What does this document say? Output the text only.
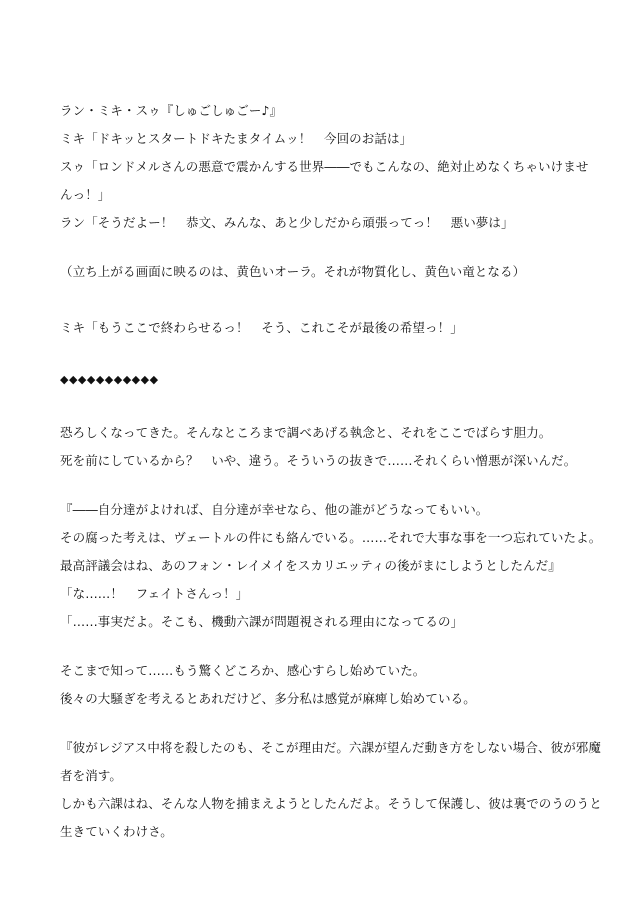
ラン・ミキ・スゥ『しゅごしゅごー♪』
ミキ「ドキッとスタートドキたまタイムッ！　今回のお話は」
スゥ「ロンドメルさんの悪意で震かんする世界――でもこんなの、絶対止めなくちゃいけませ
んっ！」
ラン「そうだよー！　恭文、みんな、あと少しだから頑張ってっ！　悪い夢は」
（立ち上がる画面に映るのは、黄色いオーラ。それが物質化し、黄色い竜となる）
ミキ「もうここで終わらせるっ！　そう、これこそが最後の希望っ！」
◆◆◆◆◆◆◆◆◆◆◆
恐ろしくなってきた。そんなところまで調べあげる執念と、それをここでばらす胆力。
死を前にしているから？　いや、違う。そういうの抜きで……それくらい憎悪が深いんだ。
『――自分達がよければ、自分達が幸せなら、他の誰がどうなってもいい。
その腐った考えは、ヴェートルの件にも絡んでいる。……それで大事な事を一つ忘れていたよ。
最高評議会はね、あのフォン・レイメイをスカリエッティの後がまにしようとしたんだ』
「な……！　フェイトさんっ！」
「……事実だよ。そこも、機動六課が問題視される理由になってるの」
そこまで知って……もう驚くどころか、感心すらし始めていた。
後々の大騒ぎを考えるとあれだけど、多分私は感覚が麻痺し始めている。
『彼がレジアス中将を殺したのも、そこが理由だ。六課が望んだ動き方をしない場合、彼が邪魔
者を消す。
しかも六課はね、そんな人物を捕まえようとしたんだよ。そうして保護し、彼は裏でのうのうと
生きていくわけさ。
